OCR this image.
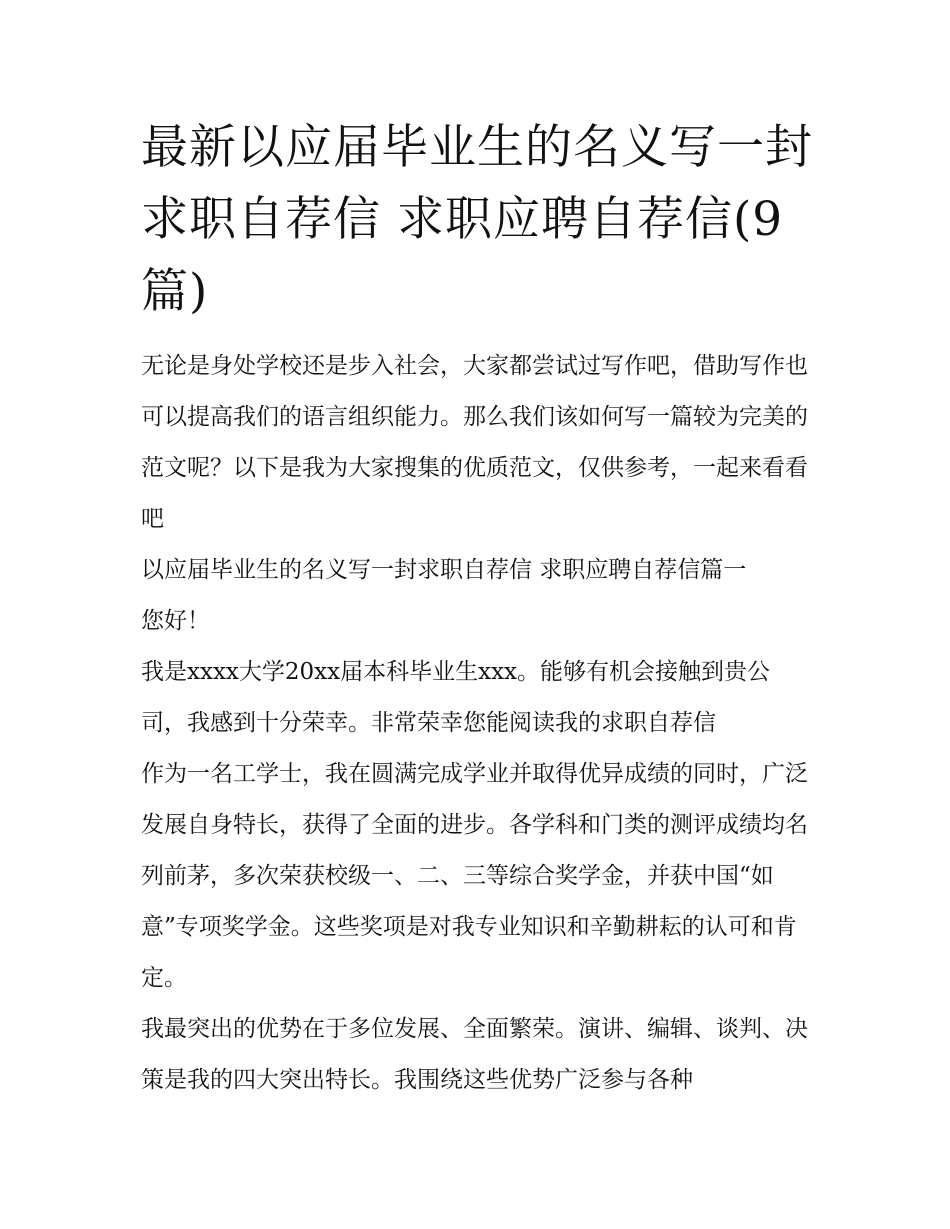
最新以应届毕业生的名义写一封求职自荐信 求职应聘自荐信(9篇)

无论是身处学校还是步入社会，大家都尝试过写作吧，借助写作也可以提高我们的语言组织能力。那么我们该如何写一篇较为完美的范文呢？以下是我为大家搜集的优质范文，仅供参考，一起来看看吧

以应届毕业生的名义写一封求职自荐信 求职应聘自荐信篇一

您好！

我是xxxx大学20xx届本科毕业生xxx。能够有机会接触到贵公司，我感到十分荣幸。非常荣幸您能阅读我的求职自荐信

作为一名工学士，我在圆满完成学业并取得优异成绩的同时，广泛发展自身特长，获得了全面的进步。各学科和门类的测评成绩均名列前茅，多次荣获校级一、二、三等综合奖学金，并获中国“如意”专项奖学金。这些奖项是对我专业知识和辛勤耕耘的认可和肯定。

我最突出的优势在于多位发展、全面繁荣。演讲、编辑、谈判、决策是我的四大突出特长。我围绕这些优势广泛参与各种
